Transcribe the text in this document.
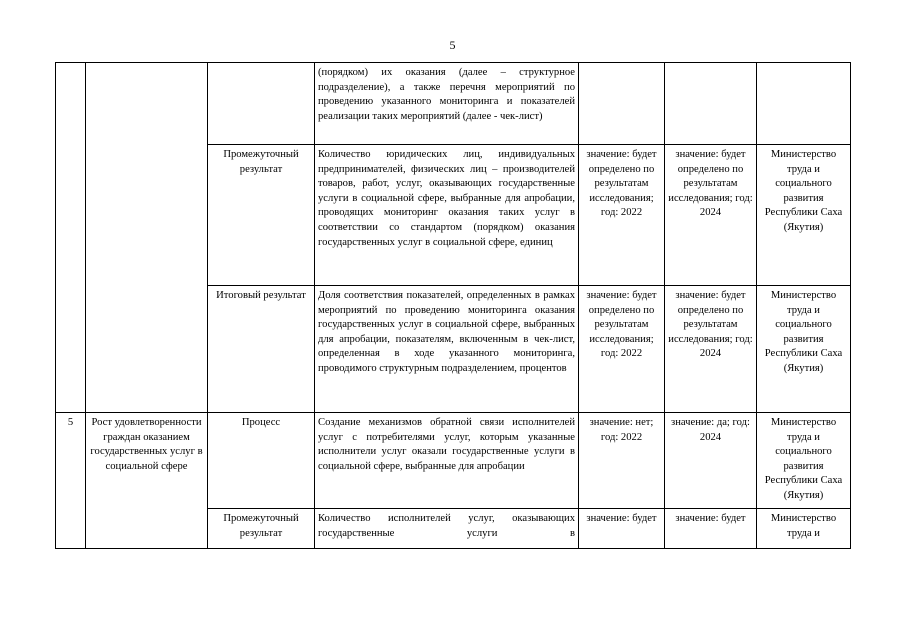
5
			(порядком) их оказания (далее – структурное подразделение), а также перечня мероприятий по проведению указанного мониторинга и показателей реализации таких мероприятий (далее - чек-лист)			
		Промежуточный результат	Количество юридических лиц, индивидуальных предпринимателей, физических лиц – производителей товаров, работ, услуг, оказывающих государственные услуги в социальной сфере, выбранные для апробации, проводящих мониторинг оказания таких услуг в соответствии со стандартом (порядком) оказания государственных услуг в социальной сфере, единиц	значение: будет определено по результатам исследования; год: 2022	значение: будет определено по результатам исследования; год: 2024	Министерство труда и социального развития Республики Саха (Якутия)
		Итоговый результат	Доля соответствия показателей, определенных в рамках мероприятий по проведению мониторинга оказания государственных услуг в социальной сфере, выбранных для апробации, показателям, включенным в чек-лист, определенная в ходе указанного мониторинга, проводимого структурным подразделением, процентов	значение: будет определено по результатам исследования; год: 2022	значение: будет определено по результатам исследования; год: 2024	Министерство труда и социального развития Республики Саха (Якутия)
5	Рост удовлетворенности граждан оказанием государственных услуг в социальной сфере	Процесс	Создание механизмов обратной связи исполнителей услуг с потребителями услуг, которым указанные исполнители услуг оказали государственные услуги в социальной сфере, выбранные для апробации	значение: нет; год: 2022	значение: да; год: 2024	Министерство труда и социального развития Республики Саха (Якутия)
		Промежуточный результат	Количество исполнителей услуг, оказывающих государственные услуги в	значение: будет	значение: будет	Министерство труда и
